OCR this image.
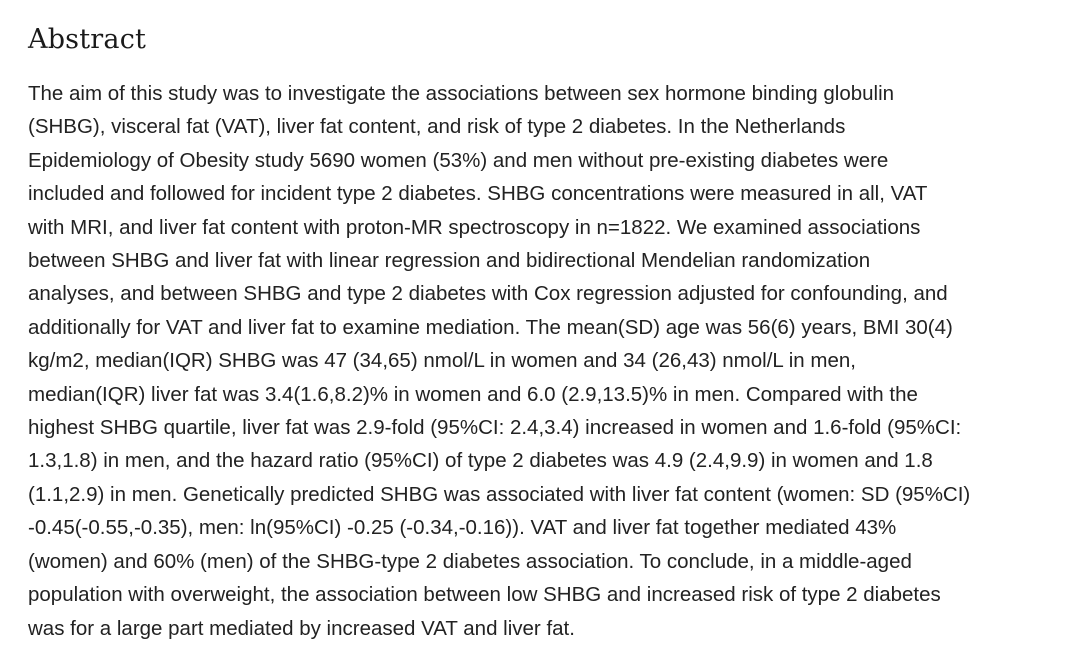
Abstract

The aim of this study was to investigate the associations between sex hormone binding globulin
(SHBG), visceral fat (VAT), liver fat content, and risk of type 2 diabetes. In the Netherlands
Epidemiology of Obesity study 5690 women (53%) and men without pre-existing diabetes were
included and followed for incident type 2 diabetes. SHBG concentrations were measured in all, VAT
with MRI, and liver fat content with proton-MR spectroscopy in n=1822. We examined associations
between SHBG and liver fat with linear regression and bidirectional Mendelian randomization
analyses, and between SHBG and type 2 diabetes with Cox regression adjusted for confounding, and
additionally for VAT and liver fat to examine mediation. The mean(SD) age was 56(6) years, BMI 30(4)
kg/m2, median(IQR) SHBG was 47 (34,65) nmol/L in women and 34 (26,43) nmol/L in men,
median(IQR) liver fat was 3.4(1.6,8.2)% in women and 6.0 (2.9,13.5)% in men. Compared with the
highest SHBG quartile, liver fat was 2.9-fold (95%CI: 2.4,3.4) increased in women and 1.6-fold (95%CI:
1.3,1.8) in men, and the hazard ratio (95%CI) of type 2 diabetes was 4.9 (2.4,9.9) in women and 1.8
(1.1,2.9) in men. Genetically predicted SHBG was associated with liver fat content (women: SD (95%CI)
-0.45(-0.55,-0.35), men: ln(95%CI) -0.25 (-0.34,-0.16)). VAT and liver fat together mediated 43%
(women) and 60% (men) of the SHBG-type 2 diabetes association. To conclude, in a middle-aged
population with overweight, the association between low SHBG and increased risk of type 2 diabetes
was for a large part mediated by increased VAT and liver fat.
